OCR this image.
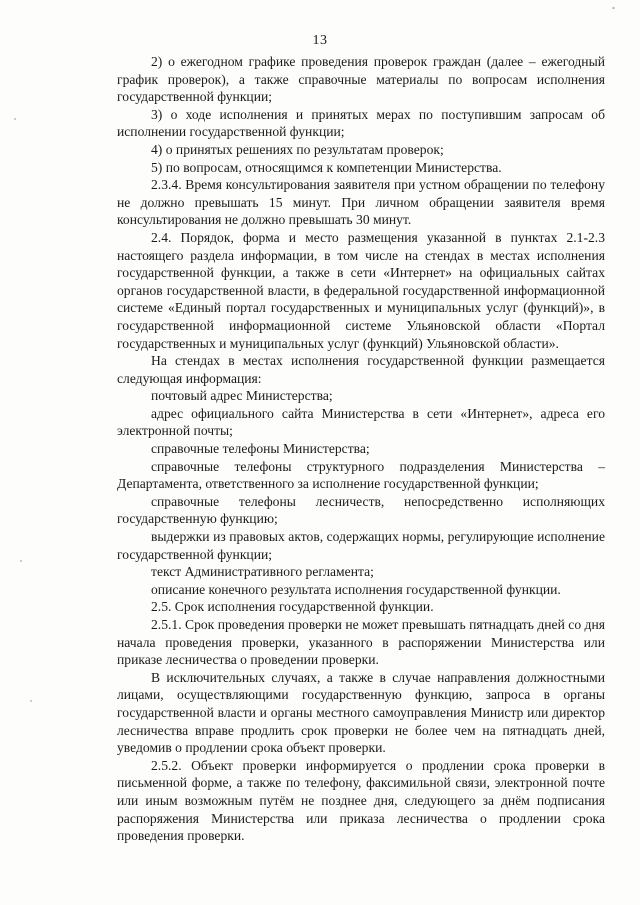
13

2) о ежегодном графике проведения проверок граждан (далее – ежегодный график проверок), а также справочные материалы по вопросам исполнения государственной функции;

3) о ходе исполнения и принятых мерах по поступившим запросам об исполнении государственной функции;

4) о принятых решениях по результатам проверок;

5) по вопросам, относящимся к компетенции Министерства.

2.3.4. Время консультирования заявителя при устном обращении по телефону не должно превышать 15 минут. При личном обращении заявителя время консультирования не должно превышать 30 минут.

2.4. Порядок, форма и место размещения указанной в пунктах 2.1-2.3 настоящего раздела информации, в том числе на стендах в местах исполнения государственной функции, а также в сети «Интернет» на официальных сайтах органов государственной власти, в федеральной государственной информационной системе «Единый портал государственных и муниципальных услуг (функций)», в государственной информационной системе Ульяновской области «Портал государственных и муниципальных услуг (функций) Ульяновской области».

На стендах в местах исполнения государственной функции размещается следующая информация:

почтовый адрес Министерства;

адрес официального сайта Министерства в сети «Интернет», адреса его электронной почты;

справочные телефоны Министерства;

справочные телефоны структурного подразделения Министерства – Департамента, ответственного за исполнение государственной функции;

справочные телефоны лесничеств, непосредственно исполняющих государственную функцию;

выдержки из правовых актов, содержащих нормы, регулирующие исполнение государственной функции;

текст Административного регламента;

описание конечного результата исполнения государственной функции.

2.5. Срок исполнения государственной функции.

2.5.1. Срок проведения проверки не может превышать пятнадцать дней со дня начала проведения проверки, указанного в распоряжении Министерства или приказе лесничества о проведении проверки.

В исключительных случаях, а также в случае направления должностными лицами, осуществляющими государственную функцию, запроса в органы государственной власти и органы местного самоуправления Министр или директор лесничества вправе продлить срок проверки не более чем на пятнадцать дней, уведомив о продлении срока объект проверки.

2.5.2. Объект проверки информируется о продлении срока проверки в письменной форме, а также по телефону, факсимильной связи, электронной почте или иным возможным путём не позднее дня, следующего за днём подписания распоряжения Министерства или приказа лесничества о продлении срока проведения проверки.
